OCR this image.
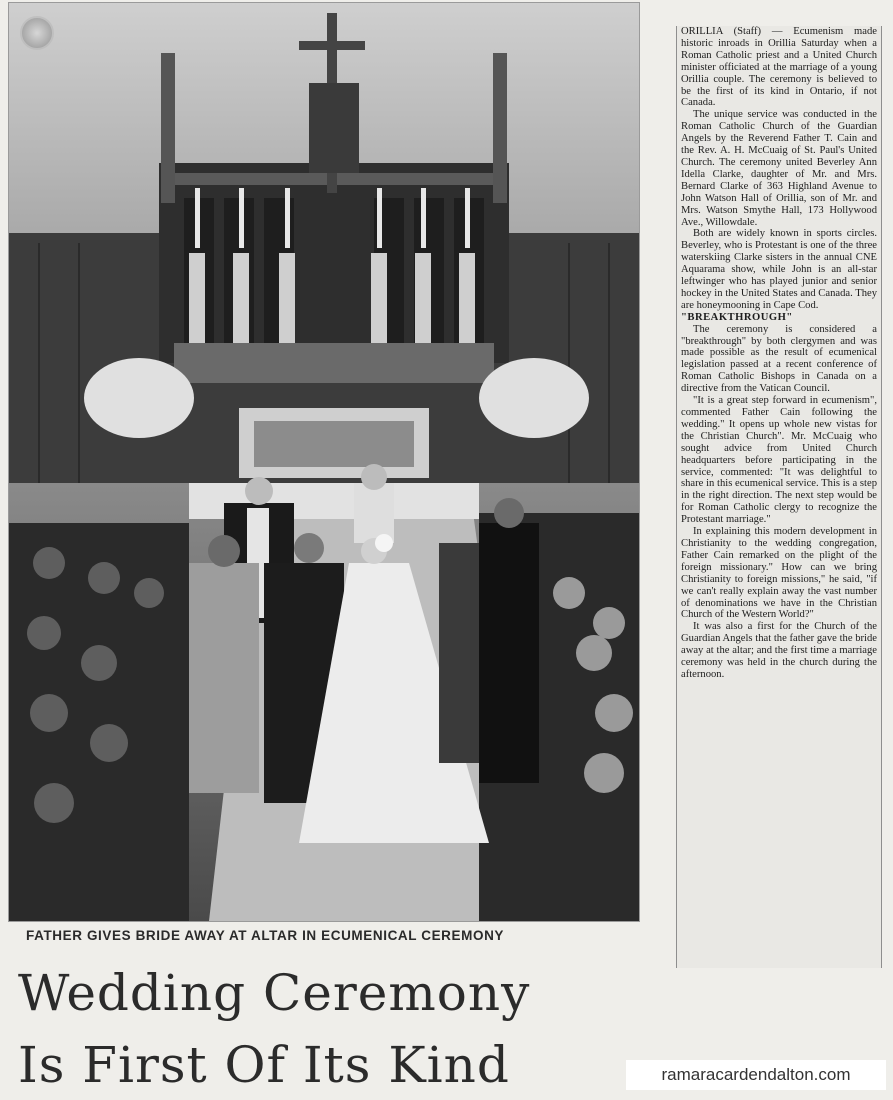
FATHER GIVES BRIDE AWAY AT ALTAR IN ECUMENICAL CEREMONY
Wedding Ceremony
Is First Of Its Kind

ORILLIA (Staff) — Ecumenism made historic inroads in Orillia Saturday when a Roman Catholic priest and a United Church minister officiated at the marriage of a young Orillia couple. The ceremony is believed to be the first of its kind in Ontario, if not Canada.

The unique service was conducted in the Roman Catholic Church of the Guardian Angels by the Reverend Father T. Cain and the Rev. A. H. McCuaig of St. Paul's United Church. The ceremony united Beverley Ann Idella Clarke, daughter of Mr. and Mrs. Bernard Clarke of 363 Highland Avenue to John Watson Hall of Orillia, son of Mr. and Mrs. Watson Smythe Hall, 173 Hollywood Ave., Willowdale.

Both are widely known in sports circles. Beverley, who is Protestant is one of the three waterskiing Clarke sisters in the annual CNE Aquarama show, while John is an all-star leftwinger who has played junior and senior hockey in the United States and Canada. They are honeymooning in Cape Cod.

"BREAKTHROUGH"

The ceremony is considered a "breakthrough" by both clergymen and was made possible as the result of ecumenical legislation passed at a recent conference of Roman Catholic Bishops in Canada on a directive from the Vatican Council.

"It is a great step forward in ecumenism", commented Father Cain following the wedding." It opens up whole new vistas for the Christian Church". Mr. McCuaig who sought advice from United Church headquarters before participating in the service, commented: "It was delightful to share in this ecumenical service. This is a step in the right direction. The next step would be for Roman Catholic clergy to recognize the Protestant marriage."

In explaining this modern development in Christianity to the wedding congregation, Father Cain remarked on the plight of the foreign missionary." How can we bring Christianity to foreign missions," he said, "if we can't really explain away the vast number of denominations we have in the Christian Church of the Western World?"

It was also a first for the Church of the Guardian Angels that the father gave the bride away at the altar; and the first time a marriage ceremony was held in the church during the afternoon.

ramaracardendalton.com
